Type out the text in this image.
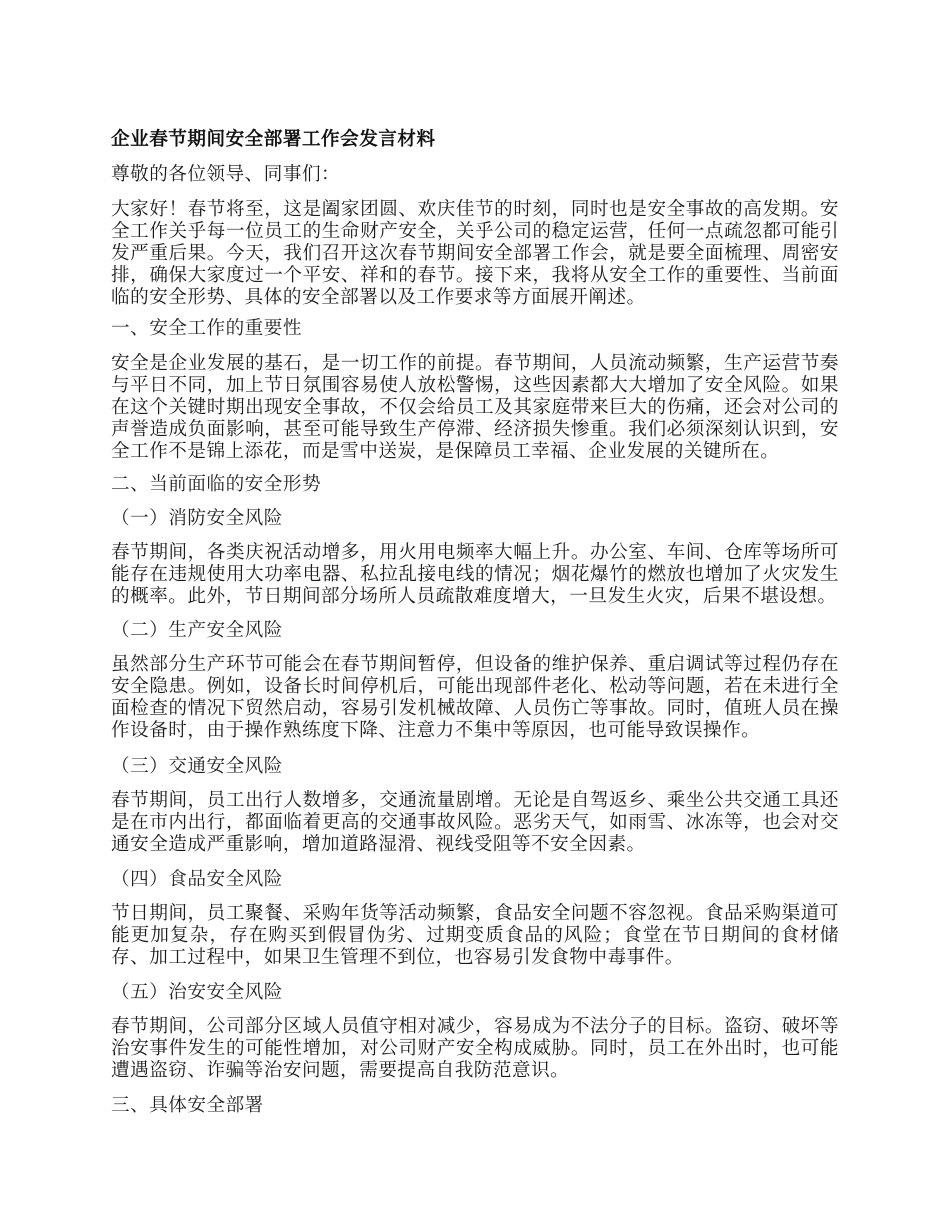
企业春节期间安全部署工作会发言材料

尊敬的各位领导、同事们：

大家好！春节将至，这是阖家团圆、欢庆佳节的时刻，同时也是安全事故的高发期。安全工作关乎每一位员工的生命财产安全，关乎公司的稳定运营，任何一点疏忽都可能引发严重后果。今天，我们召开这次春节期间安全部署工作会，就是要全面梳理、周密安排，确保大家度过一个平安、祥和的春节。接下来，我将从安全工作的重要性、当前面临的安全形势、具体的安全部署以及工作要求等方面展开阐述。

一、安全工作的重要性

安全是企业发展的基石，是一切工作的前提。春节期间，人员流动频繁，生产运营节奏与平日不同，加上节日氛围容易使人放松警惕，这些因素都大大增加了安全风险。如果在这个关键时期出现安全事故，不仅会给员工及其家庭带来巨大的伤痛，还会对公司的声誉造成负面影响，甚至可能导致生产停滞、经济损失惨重。我们必须深刻认识到，安全工作不是锦上添花，而是雪中送炭，是保障员工幸福、企业发展的关键所在。

二、当前面临的安全形势

（一）消防安全风险

春节期间，各类庆祝活动增多，用火用电频率大幅上升。办公室、车间、仓库等场所可能存在违规使用大功率电器、私拉乱接电线的情况；烟花爆竹的燃放也增加了火灾发生的概率。此外，节日期间部分场所人员疏散难度增大，一旦发生火灾，后果不堪设想。

（二）生产安全风险

虽然部分生产环节可能会在春节期间暂停，但设备的维护保养、重启调试等过程仍存在安全隐患。例如，设备长时间停机后，可能出现部件老化、松动等问题，若在未进行全面检查的情况下贸然启动，容易引发机械故障、人员伤亡等事故。同时，值班人员在操作设备时，由于操作熟练度下降、注意力不集中等原因，也可能导致误操作。

（三）交通安全风险

春节期间，员工出行人数增多，交通流量剧增。无论是自驾返乡、乘坐公共交通工具还是在市内出行，都面临着更高的交通事故风险。恶劣天气，如雨雪、冰冻等，也会对交通安全造成严重影响，增加道路湿滑、视线受阻等不安全因素。

（四）食品安全风险

节日期间，员工聚餐、采购年货等活动频繁，食品安全问题不容忽视。食品采购渠道可能更加复杂，存在购买到假冒伪劣、过期变质食品的风险；食堂在节日期间的食材储存、加工过程中，如果卫生管理不到位，也容易引发食物中毒事件。

（五）治安安全风险

春节期间，公司部分区域人员值守相对减少，容易成为不法分子的目标。盗窃、破坏等治安事件发生的可能性增加，对公司财产安全构成威胁。同时，员工在外出时，也可能遭遇盗窃、诈骗等治安问题，需要提高自我防范意识。

三、具体安全部署
